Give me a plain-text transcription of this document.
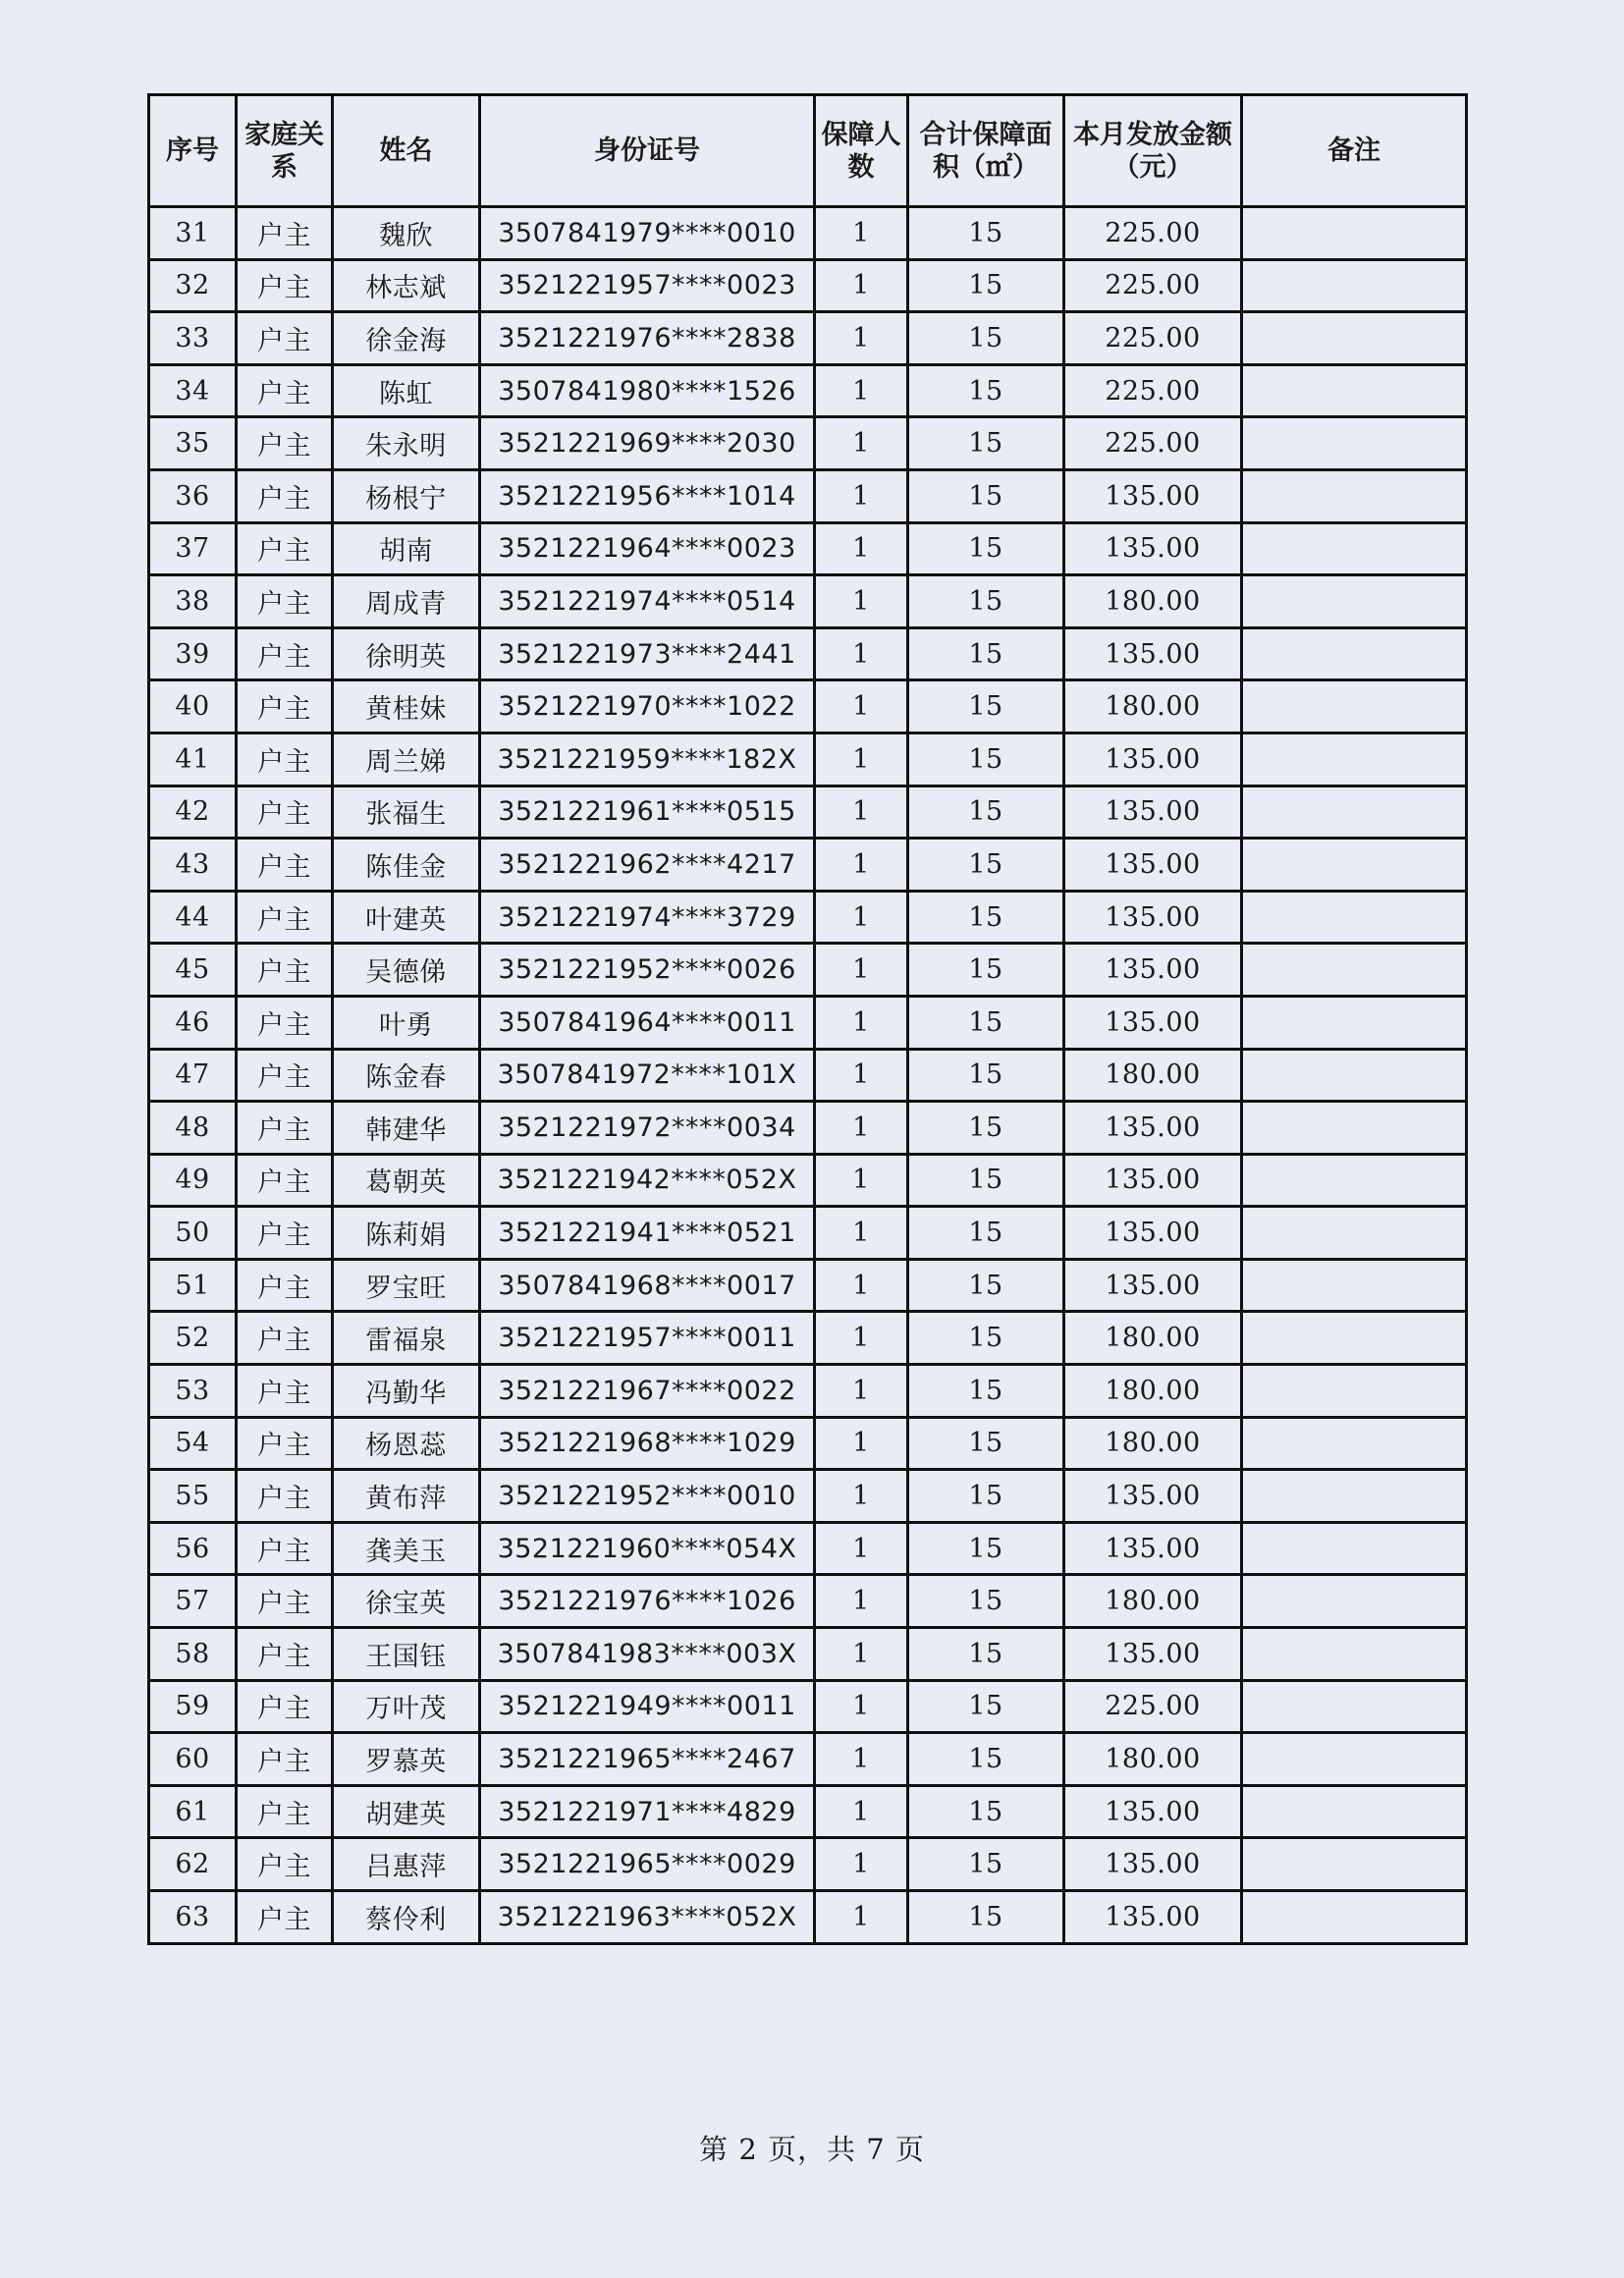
序号	家庭关系	姓名	身份证号	保障人数	合计保障面积（㎡）	本月发放金额（元）	备注
31	户主	魏欣	3507841979****0010	1	15	225.00	
32	户主	林志斌	3521221957****0023	1	15	225.00	
33	户主	徐金海	3521221976****2838	1	15	225.00	
34	户主	陈虹	3507841980****1526	1	15	225.00	
35	户主	朱永明	3521221969****2030	1	15	225.00	
36	户主	杨根宁	3521221956****1014	1	15	135.00	
37	户主	胡南	3521221964****0023	1	15	135.00	
38	户主	周成青	3521221974****0514	1	15	180.00	
39	户主	徐明英	3521221973****2441	1	15	135.00	
40	户主	黄桂妹	3521221970****1022	1	15	180.00	
41	户主	周兰娣	3521221959****182X	1	15	135.00	
42	户主	张福生	3521221961****0515	1	15	135.00	
43	户主	陈佳金	3521221962****4217	1	15	135.00	
44	户主	叶建英	3521221974****3729	1	15	135.00	
45	户主	吴德俤	3521221952****0026	1	15	135.00	
46	户主	叶勇	3507841964****0011	1	15	135.00	
47	户主	陈金春	3507841972****101X	1	15	180.00	
48	户主	韩建华	3521221972****0034	1	15	135.00	
49	户主	葛朝英	3521221942****052X	1	15	135.00	
50	户主	陈莉娟	3521221941****0521	1	15	135.00	
51	户主	罗宝旺	3507841968****0017	1	15	135.00	
52	户主	雷福泉	3521221957****0011	1	15	180.00	
53	户主	冯勤华	3521221967****0022	1	15	180.00	
54	户主	杨恩蕊	3521221968****1029	1	15	180.00	
55	户主	黄布萍	3521221952****0010	1	15	135.00	
56	户主	龚美玉	3521221960****054X	1	15	135.00	
57	户主	徐宝英	3521221976****1026	1	15	180.00	
58	户主	王国钰	3507841983****003X	1	15	135.00	
59	户主	万叶茂	3521221949****0011	1	15	225.00	
60	户主	罗慕英	3521221965****2467	1	15	180.00	
61	户主	胡建英	3521221971****4829	1	15	135.00	
62	户主	吕惠萍	3521221965****0029	1	15	135.00	
63	户主	蔡伶利	3521221963****052X	1	15	135.00	
第 2 页，共 7 页
